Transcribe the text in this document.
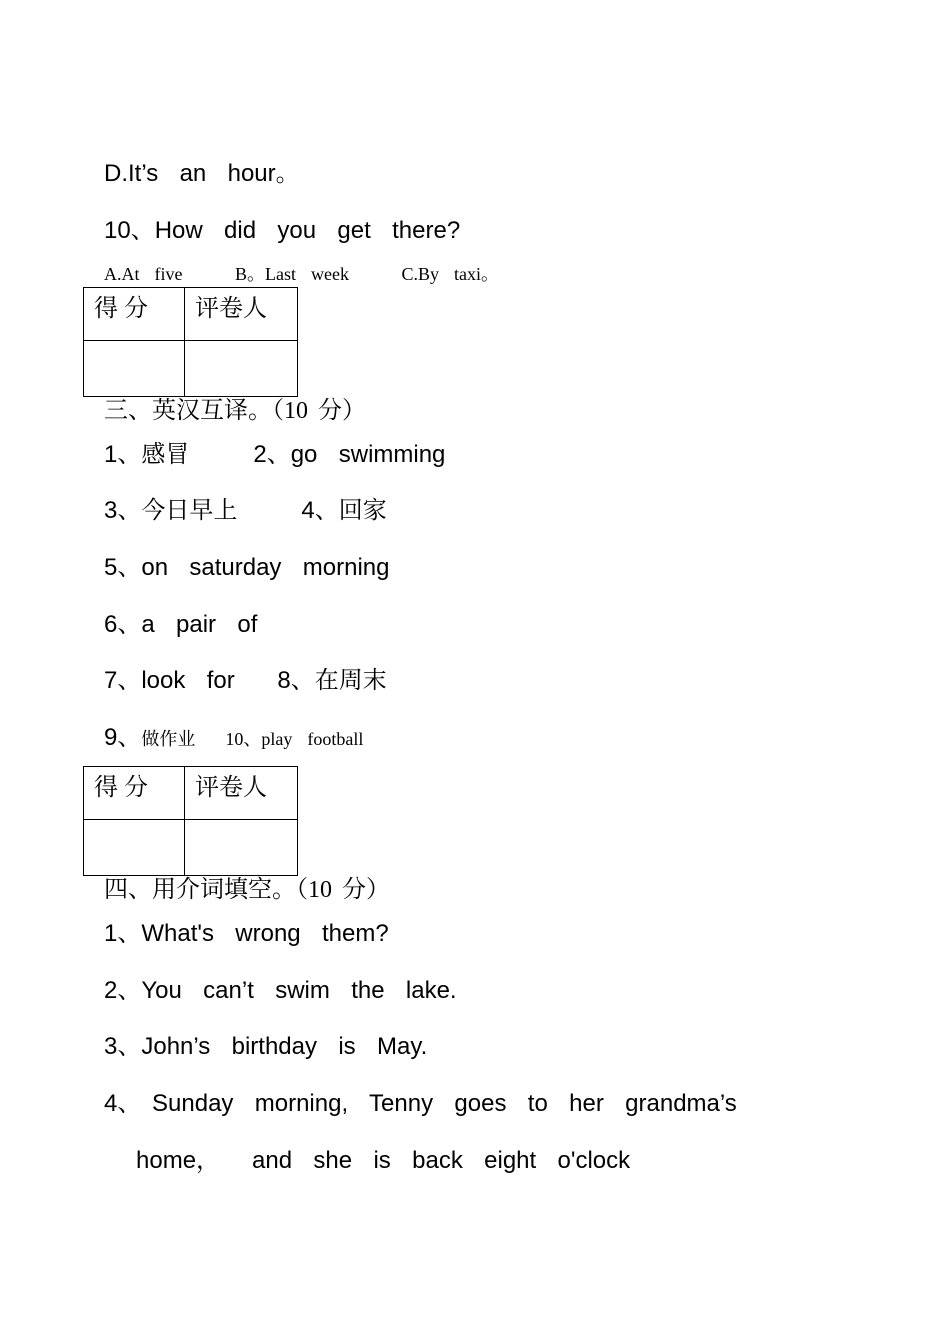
D.It’s  an  hour。
10、How  did  you  get  there?
A.At  five       B。Last  week       C.By  taxi。
得 分	评卷人

三、英汉互译。（10 分）
1、感冒      2、go  swimming
3、今日早上      4、回家
5、on  saturday  morning
6、a  pair  of
7、look  for    8、在周末
9、做作业    10、play  football
得 分	评卷人

四、用介词填空。（10 分）
1、What's  wrong  them?
2、You  can’t  swim  the  lake.
3、John’s  birthday  is  May.
4、 Sunday  morning,  Tenny  goes  to  her  grandma’s
home，   and  she  is  back  eight  o'clock
